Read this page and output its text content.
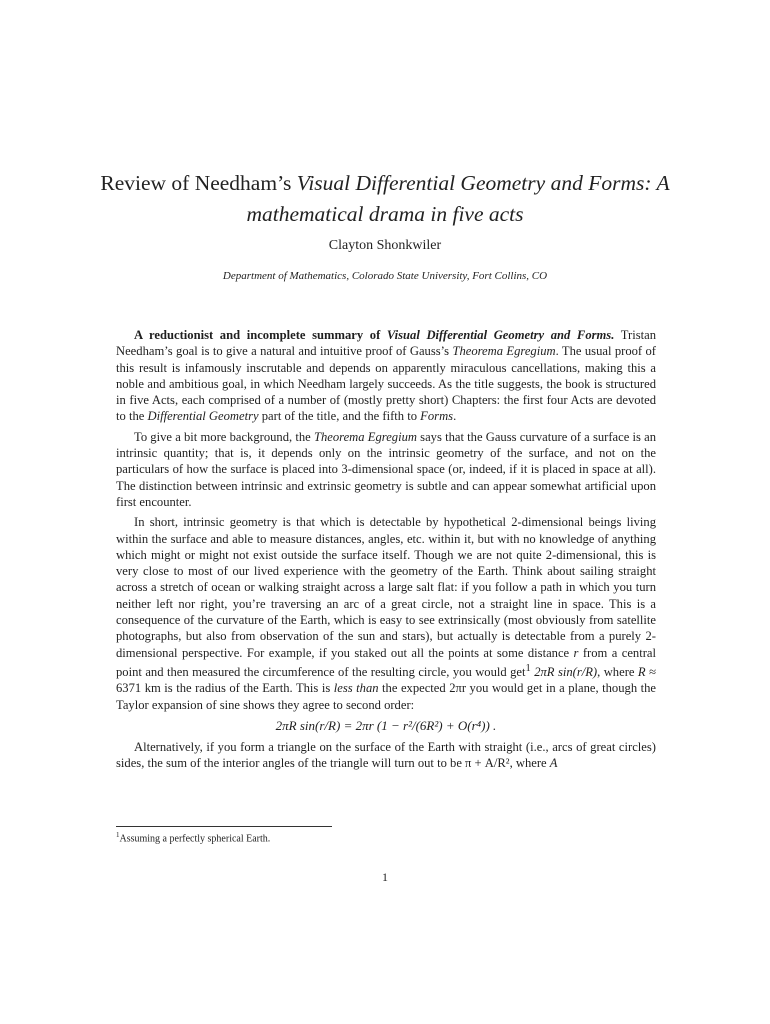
Review of Needham’s Visual Differential Geometry and Forms: A mathematical drama in five acts
Clayton Shonkwiler
Department of Mathematics, Colorado State University, Fort Collins, CO

A reductionist and incomplete summary of Visual Differential Geometry and Forms. Tristan Needham’s goal is to give a natural and intuitive proof of Gauss’s Theorema Egregium. The usual proof of this result is infamously inscrutable and depends on apparently miraculous cancellations, making this a noble and ambitious goal, in which Needham largely succeeds. As the title suggests, the book is structured in five Acts, each comprised of a number of (mostly pretty short) Chapters: the first four Acts are devoted to the Differential Geometry part of the title, and the fifth to Forms.

To give a bit more background, the Theorema Egregium says that the Gauss curvature of a surface is an intrinsic quantity; that is, it depends only on the intrinsic geometry of the surface, and not on the particulars of how the surface is placed into 3-dimensional space (or, indeed, if it is placed in space at all). The distinction between intrinsic and extrinsic geometry is subtle and can appear somewhat artificial upon first encounter.

In short, intrinsic geometry is that which is detectable by hypothetical 2-dimensional beings living within the surface and able to measure distances, angles, etc. within it, but with no knowledge of anything which might or might not exist outside the surface itself. Though we are not quite 2-dimensional, this is very close to most of our lived experience with the geometry of the Earth. Think about sailing straight across a stretch of ocean or walking straight across a large salt flat: if you follow a path in which you turn neither left nor right, you’re traversing an arc of a great circle, not a straight line in space. This is a consequence of the curvature of the Earth, which is easy to see extrinsically (most obviously from satellite photographs, but also from observation of the sun and stars), but actually is detectable from a purely 2-dimensional perspective. For example, if you staked out all the points at some distance r from a central point and then measured the circumference of the resulting circle, you would get$^1$ 2πR sin(r/R), where R ≈ 6371 km is the radius of the Earth. This is less than the expected 2πr you would get in a plane, though the Taylor expansion of sine shows they agree to second order:

2πR sin(r/R) = 2πr (1 − r²/(6R²) + O(r⁴)) .

Alternatively, if you form a triangle on the surface of the Earth with straight (i.e., arcs of great circles) sides, the sum of the interior angles of the triangle will turn out to be π + A/R², where A

$^1$Assuming a perfectly spherical Earth.
1
